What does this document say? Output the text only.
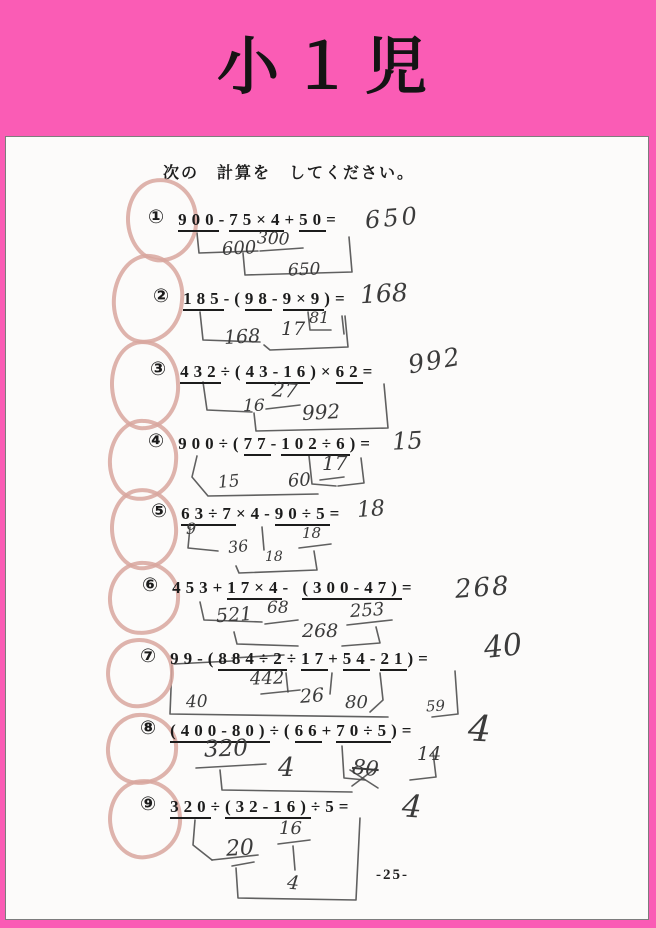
小１児
次の　計算を　してください。
① 900-75×4+50=
② 185-(98-9×9)=
③ 432÷(43-16)×62=
④ 900÷(77-102÷6)=
⑤ 63÷7×4-90÷5=
⑥ 453+17×4- (300-47)=
⑦ 99-(884÷2÷17+54-21)=
⑧ (400-80)÷(66+70÷5)=
⑨ 320÷(32-16)÷5=
650
168
992
15
18
268
40
4
4
600 300
650
81
17
168
27
16 992
17
60
15
9
36 18
18
68
521	253
268
442
40	26 80	59
320
4	80
14
16
20
4	-25-
